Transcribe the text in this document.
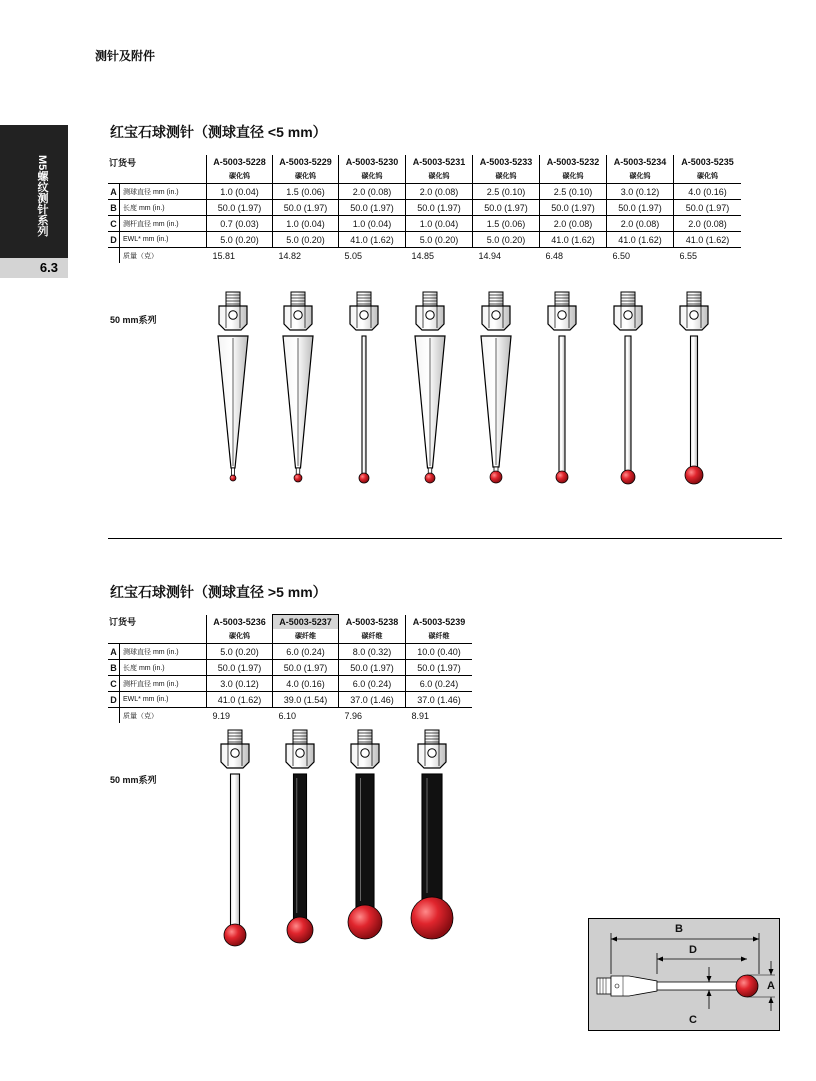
测针及附件
M5螺纹测针系列
6.3
红宝石球测针（测球直径 <5 mm）
订货号		A-5003-5228	A-5003-5229	A-5003-5230	A-5003-5231	A-5003-5233	A-5003-5232	A-5003-5234	A-5003-5235
		碳化钨	碳化钨	碳化钨	碳化钨	碳化钨	碳化钨	碳化钨	碳化钨
A	测球直径 mm (in.)	1.0 (0.04)	1.5 (0.06)	2.0 (0.08)	2.0 (0.08)	2.5 (0.10)	2.5 (0.10)	3.0 (0.12)	4.0 (0.16)
B	长度 mm (in.)	50.0 (1.97)	50.0 (1.97)	50.0 (1.97)	50.0 (1.97)	50.0 (1.97)	50.0 (1.97)	50.0 (1.97)	50.0 (1.97)
C	测杆直径 mm (in.)	0.7 (0.03)	1.0 (0.04)	1.0 (0.04)	1.0 (0.04)	1.5 (0.06)	2.0 (0.08)	2.0 (0.08)	2.0 (0.08)
D	EWL* mm (in.)	5.0 (0.20)	5.0 (0.20)	41.0 (1.62)	5.0 (0.20)	5.0 (0.20)	41.0 (1.62)	41.0 (1.62)	41.0 (1.62)
	质量（克）	15.81	14.82	5.05	14.85	14.94	6.48	6.50	6.55
50 mm系列
红宝石球测针（测球直径 >5 mm）
订货号		A-5003-5236	A-5003-5237	A-5003-5238	A-5003-5239
		碳化钨	碳纤维	碳纤维	碳纤维
A	测球直径 mm (in.)	5.0 (0.20)	6.0 (0.24)	8.0 (0.32)	10.0 (0.40)
B	长度 mm (in.)	50.0 (1.97)	50.0 (1.97)	50.0 (1.97)	50.0 (1.97)
C	测杆直径 mm (in.)	3.0 (0.12)	4.0 (0.16)	6.0 (0.24)	6.0 (0.24)
D	EWL* mm (in.)	41.0 (1.62)	39.0 (1.54)	37.0 (1.46)	37.0 (1.46)
	质量（克）	9.19	6.10	7.96	8.91
50 mm系列
B
D
A
C
